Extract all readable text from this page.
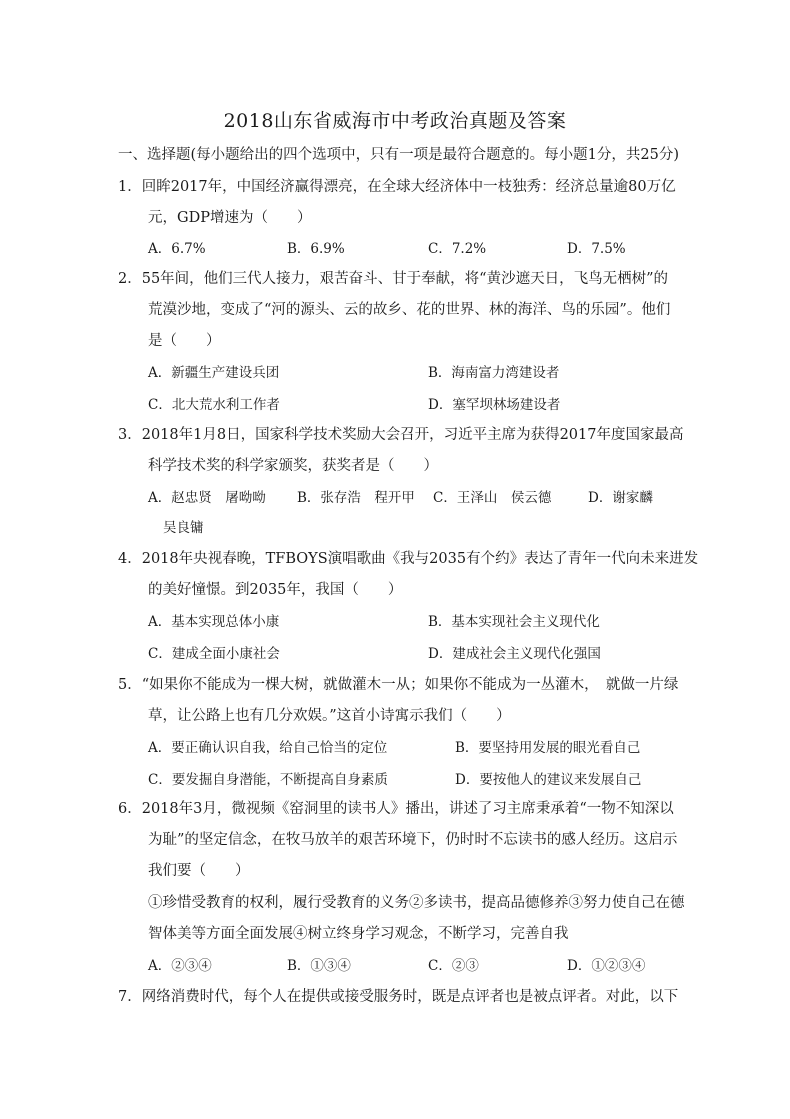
2018山东省威海市中考政治真题及答案
一、选择题(每小题给出的四个选项中，只有一项是最符合题意的。每小题1分，共25分)
1．回眸2017年，中国经济赢得漂亮，在全球大经济体中一枝独秀：经济总量逾80万亿
元，GDP增速为（　　）
A．6.7%	B．6.9%	C．7.2%	D．7.5%
2．55年间，他们三代人接力，艰苦奋斗、甘于奉献，将“黄沙遮天日，飞鸟无栖树”的
荒漠沙地，变成了“河的源头、云的故乡、花的世界、林的海洋、鸟的乐园”。他们
是（　　）
A．新疆生产建设兵团	B．海南富力湾建设者
C．北大荒水利工作者	D．塞罕坝林场建设者
3．2018年1月8日，国家科学技术奖励大会召开，习近平主席为获得2017年度国家最高
科学技术奖的科学家颁奖，获奖者是（　　）
A．赵忠贤　屠呦呦 B．张存浩　程开甲 C．王泽山　侯云德	D．谢家麟
吴良镛
4．2018年央视春晚，TFBOYS演唱歌曲《我与2035有个约》表达了青年一代向未来进发
的美好憧憬。到2035年，我国（　　）
A．基本实现总体小康	B．基本实现社会主义现代化
C．建成全面小康社会	D．建成社会主义现代化强国
5．“如果你不能成为一棵大树，就做灌木一从；如果你不能成为一丛灌木，　就做一片绿
草，让公路上也有几分欢娱。”这首小诗寓示我们（　　）
A．要正确认识自我，给自己恰当的定位	B．要坚持用发展的眼光看自己
C．要发掘自身潜能，不断提高自身素质	D．要按他人的建议来发展自己
6．2018年3月，微视频《窑洞里的读书人》播出，讲述了习主席秉承着“一物不知深以
为耻”的坚定信念，在牧马放羊的艰苦环境下，仍时时不忘读书的感人经历。这启示
我们要（　　）
①珍惜受教育的权利，履行受教育的义务②多读书，提高品德修养③努力使自己在德
智体美等方面全面发展④树立终身学习观念，不断学习，完善自我
A．②③④	B．①③④	C．②③	D．①②③④
7．网络消费时代，每个人在提供或接受服务时，既是点评者也是被点评者。对此，以下
